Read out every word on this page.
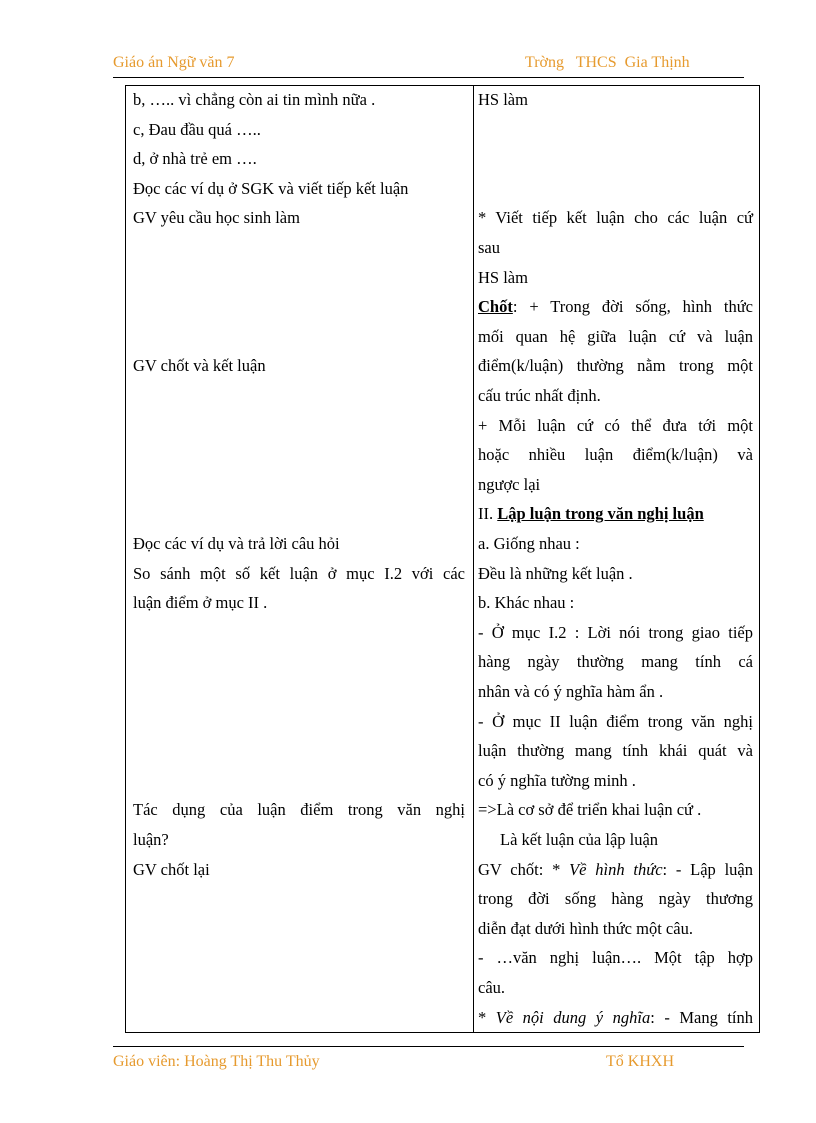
Giáo án Ngữ văn 7	Trờng   THCS  Gia Thịnh
b, ….. vì chẳng còn ai tin mình nữa .
c, Đau đầu quá …..
d, ở nhà trẻ em ….
Đọc các ví dụ ở SGK và viết tiếp kết luận
GV yêu cầu học sinh làm
GV chốt và kết luận
Đọc các ví dụ và trả lời câu hỏi
So sánh một số kết luận ở mục I.2 với các
luận điểm ở mục II .
Tác dụng của luận điểm trong văn nghị
luận?
GV chốt lại
HS làm
* Viết tiếp kết luận cho các luận cứ
sau
HS làm
Chốt: + Trong đời sống, hình thức
mối quan hệ giữa luận cứ và luận
điểm(k/luận) thường nằm trong một
cấu trúc nhất định.
+ Mỗi luận cứ có thể đưa tới một
hoặc nhiều luận điểm(k/luận) và
ngược lại
II. Lập luận trong văn nghị luận
a. Giống nhau :
Đều là những kết luận .
b. Khác nhau :
- Ở mục I.2 : Lời nói trong giao tiếp
hàng ngày thường mang tính cá
nhân và có ý nghĩa hàm ẩn .
- Ở mục II luận điểm trong văn nghị
luận thường mang tính khái quát và
có ý nghĩa tường minh .
=>Là cơ sở để triển khai luận cứ .
Là kết luận của lập luận
GV chốt: * Về hình thức: - Lập luận
trong đời sống hàng ngày thương
diễn đạt dưới hình thức một câu.
- …văn nghị luận…. Một tập hợp
câu.
* Về nội dung ý nghĩa: - Mang tính
Giáo viên: Hoàng Thị Thu Thủy	Tổ KHXH
